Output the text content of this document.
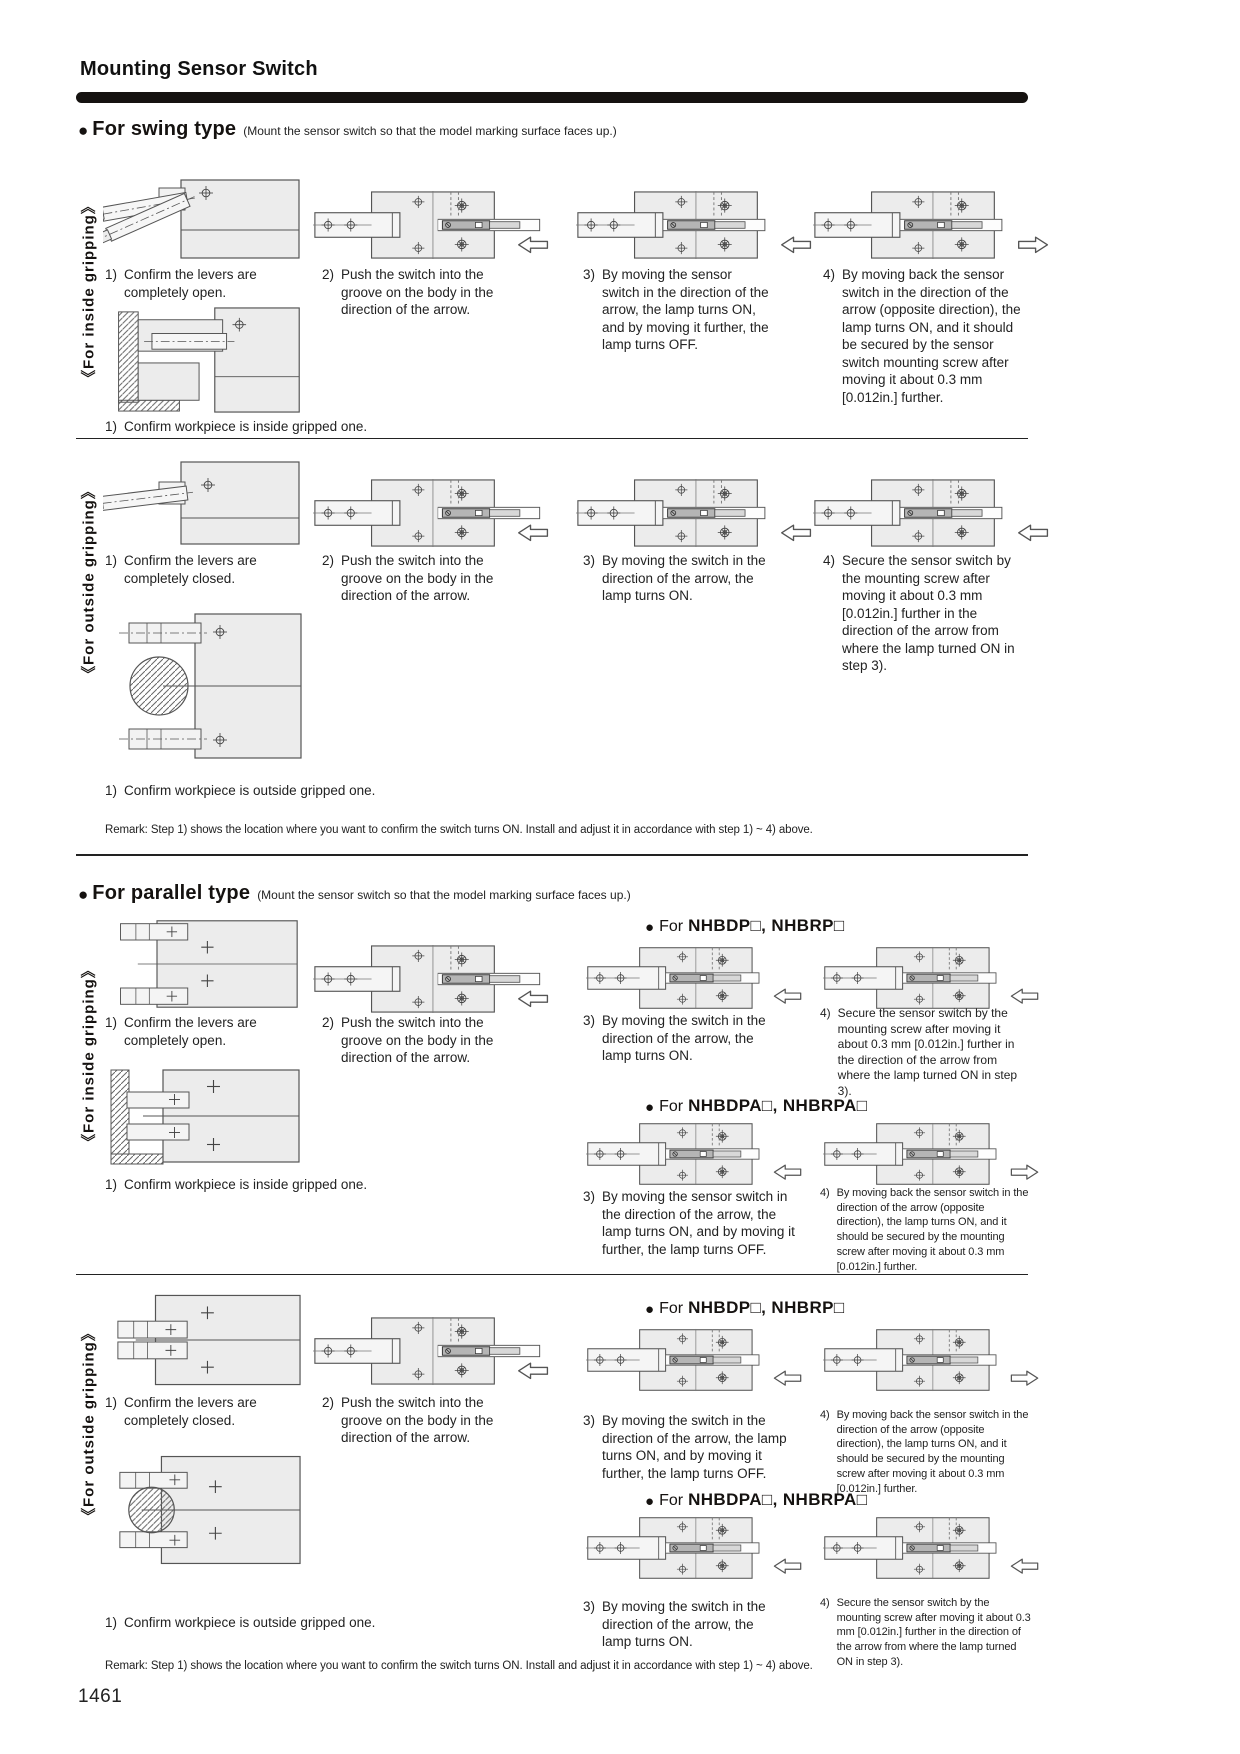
Mounting Sensor Switch
● For swing type (Mount the sensor switch so that the model marking surface faces up.)
《For inside gripping》 1) Confirm the levers are completely open.
2) Push the switch into the groove on the body in the direction of the arrow.
3) By moving the sensor switch in the direction of the arrow, the lamp turns ON, and by moving it further, the lamp turns OFF.
4) By moving back the sensor switch in the direction of the arrow (opposite direction), the lamp turns ON, and it should be secured by the sensor switch mounting screw after moving it about 0.3 mm [0.012in.] further.
1) Confirm workpiece is inside gripped one.
《For outside gripping》 1) Confirm the levers are completely closed.
2) Push the switch into the groove on the body in the direction of the arrow.
3) By moving the switch in the direction of the arrow, the lamp turns ON.
4) Secure the sensor switch by the mounting screw after moving it about 0.3 mm [0.012in.] further in the direction of the arrow from where the lamp turned ON in step 3).
1) Confirm workpiece is outside gripped one.
Remark: Step 1) shows the location where you want to confirm the switch turns ON. Install and adjust it in accordance with step 1) ~ 4) above.
● For parallel type (Mount the sensor switch so that the model marking surface faces up.)
《For inside gripping》
● For NHBDP□, NHBRP□
1) Confirm the levers are completely open.
2) Push the switch into the groove on the body in the direction of the arrow.
3) By moving the switch in the direction of the arrow, the lamp turns ON.
4) Secure the sensor switch by the mounting screw after moving it about 0.3 mm [0.012in.] further in the direction of the arrow from where the lamp turned ON in step 3).
● For NHBDPA□, NHBRPA□
3) By moving the sensor switch in the direction of the arrow, the lamp turns ON, and by moving it further, the lamp turns OFF.
4) By moving back the sensor switch in the direction of the arrow (opposite direction), the lamp turns ON, and it should be secured by the mounting screw after moving it about 0.3 mm [0.012in.] further.
1) Confirm workpiece is inside gripped one.
《For outside gripping》
● For NHBDP□, NHBRP□
1) Confirm the levers are completely closed.
2) Push the switch into the groove on the body in the direction of the arrow.
3) By moving the switch in the direction of the arrow, the lamp turns ON, and by moving it further, the lamp turns OFF.
4) By moving back the sensor switch in the direction of the arrow (opposite direction), the lamp turns ON, and it should be secured by the mounting screw after moving it about 0.3 mm [0.012in.] further.
● For NHBDPA□, NHBRPA□
3) By moving the switch in the direction of the arrow, the lamp turns ON.
4) Secure the sensor switch by the mounting screw after moving it about 0.3 mm [0.012in.] further in the direction of the arrow from where the lamp turned ON in step 3).
1) Confirm workpiece is outside gripped one.
Remark: Step 1) shows the location where you want to confirm the switch turns ON. Install and adjust it in accordance with step 1) ~ 4) above.
1461
